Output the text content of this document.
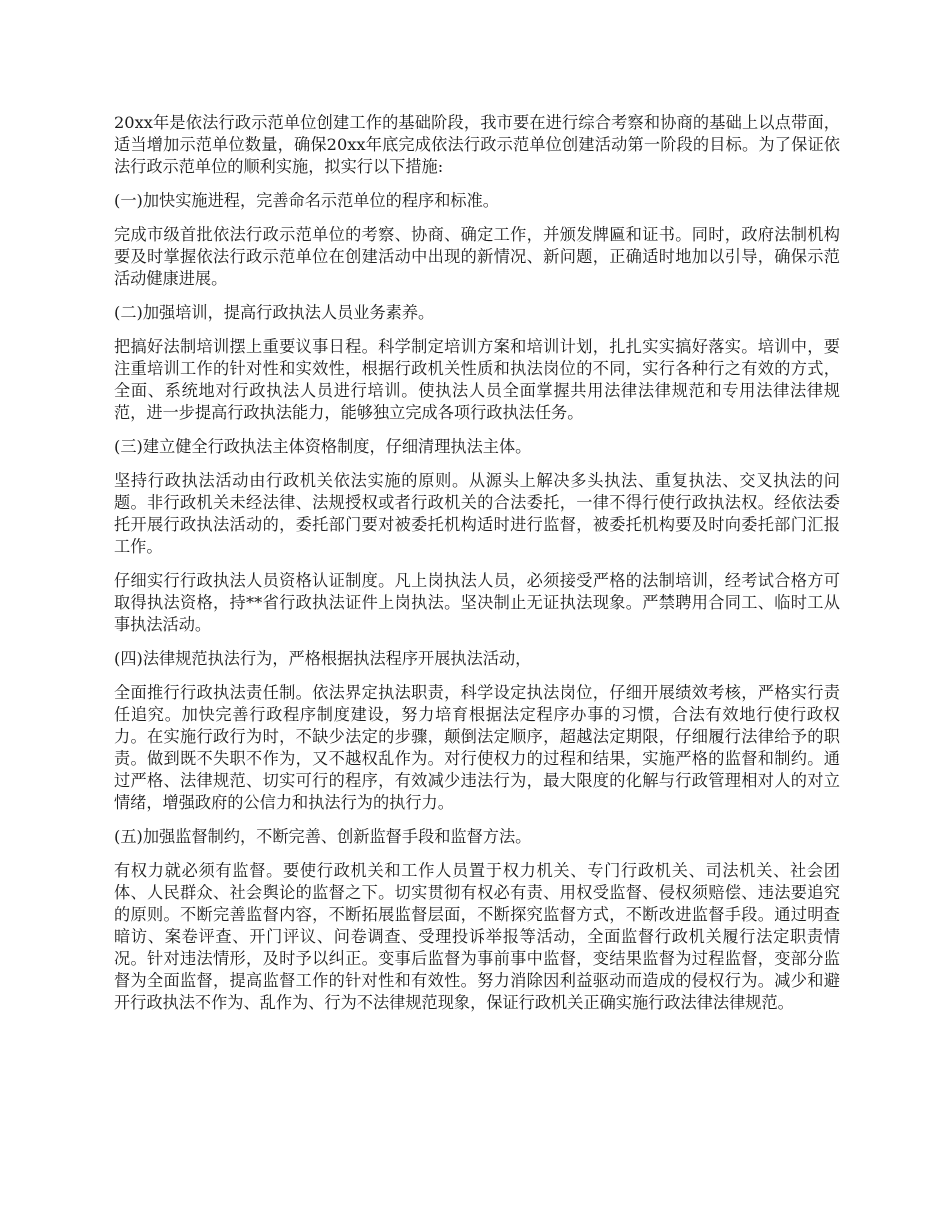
20xx年是依法行政示范单位创建工作的基础阶段，我市要在进行综合考察和协商的基础上以点带面，适当增加示范单位数量，确保20xx年底完成依法行政示范单位创建活动第一阶段的目标。为了保证依法行政示范单位的顺利实施，拟实行以下措施:

(一)加快实施进程，完善命名示范单位的程序和标准。

完成市级首批依法行政示范单位的考察、协商、确定工作，并颁发牌匾和证书。同时，政府法制机构要及时掌握依法行政示范单位在创建活动中出现的新情况、新问题，正确适时地加以引导，确保示范活动健康进展。

(二)加强培训，提高行政执法人员业务素养。

把搞好法制培训摆上重要议事日程。科学制定培训方案和培训计划，扎扎实实搞好落实。培训中，要注重培训工作的针对性和实效性，根据行政机关性质和执法岗位的不同，实行各种行之有效的方式，全面、系统地对行政执法人员进行培训。使执法人员全面掌握共用法律法律规范和专用法律法律规范，进一步提高行政执法能力，能够独立完成各项行政执法任务。

(三)建立健全行政执法主体资格制度，仔细清理执法主体。

坚持行政执法活动由行政机关依法实施的原则。从源头上解决多头执法、重复执法、交叉执法的问题。非行政机关未经法律、法规授权或者行政机关的合法委托，一律不得行使行政执法权。经依法委托开展行政执法活动的，委托部门要对被委托机构适时进行监督，被委托机构要及时向委托部门汇报工作。

仔细实行行政执法人员资格认证制度。凡上岗执法人员，必须接受严格的法制培训，经考试合格方可取得执法资格，持**省行政执法证件上岗执法。坚决制止无证执法现象。严禁聘用合同工、临时工从事执法活动。

(四)法律规范执法行为，严格根据执法程序开展执法活动，

全面推行行政执法责任制。依法界定执法职责，科学设定执法岗位，仔细开展绩效考核，严格实行责任追究。加快完善行政程序制度建设，努力培育根据法定程序办事的习惯，合法有效地行使行政权力。在实施行政行为时，不缺少法定的步骤，颠倒法定顺序，超越法定期限，仔细履行法律给予的职责。做到既不失职不作为，又不越权乱作为。对行使权力的过程和结果，实施严格的监督和制约。通过严格、法律规范、切实可行的程序，有效减少违法行为，最大限度的化解与行政管理相对人的对立情绪，增强政府的公信力和执法行为的执行力。

(五)加强监督制约，不断完善、创新监督手段和监督方法。

有权力就必须有监督。要使行政机关和工作人员置于权力机关、专门行政机关、司法机关、社会团体、人民群众、社会舆论的监督之下。切实贯彻有权必有责、用权受监督、侵权须赔偿、违法要追究的原则。不断完善监督内容，不断拓展监督层面，不断探究监督方式，不断改进监督手段。通过明查暗访、案卷评查、开门评议、问卷调查、受理投诉举报等活动，全面监督行政机关履行法定职责情况。针对违法情形，及时予以纠正。变事后监督为事前事中监督，变结果监督为过程监督，变部分监督为全面监督，提高监督工作的针对性和有效性。努力消除因利益驱动而造成的侵权行为。减少和避开行政执法不作为、乱作为、行为不法律规范现象，保证行政机关正确实施行政法律法律规范。
